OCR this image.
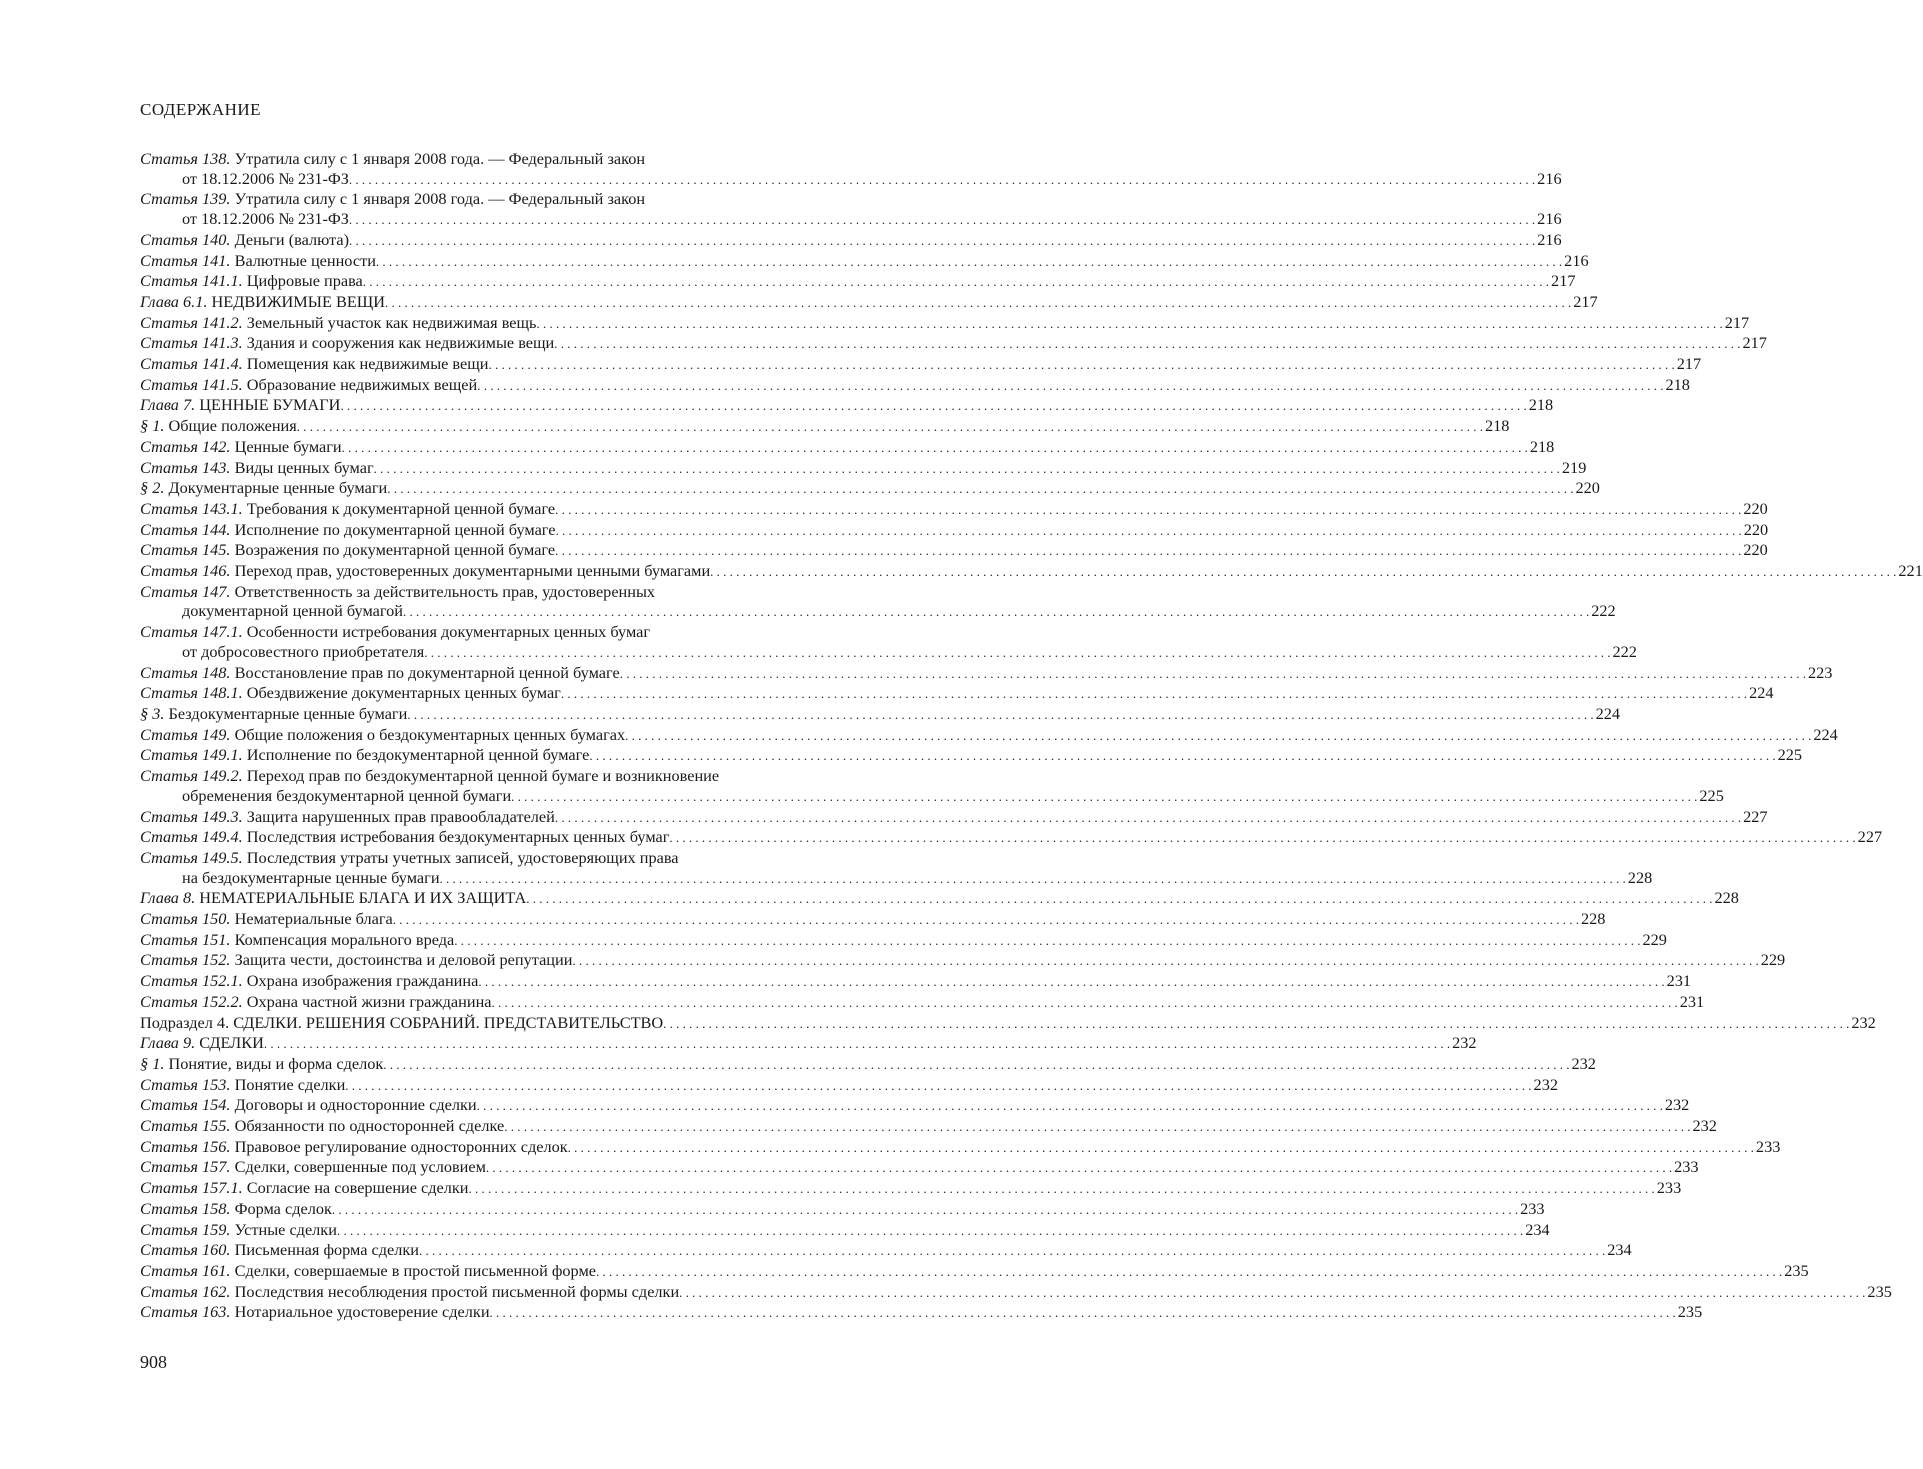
СОДЕРЖАНИЕ
Статья 138. Утратила силу с 1 января 2008 года. — Федеральный закон
от 18.12.2006 № 231-ФЗ . . .	216
Статья 139. Утратила силу с 1 января 2008 года. — Федеральный закон
от 18.12.2006 № 231-ФЗ . . .	216
Статья 140. Деньги (валюта) . . .	216
Статья 141. Валютные ценности . . .	216
Статья 141.1. Цифровые права . . .	217
Глава 6.1. НЕДВИЖИМЫЕ ВЕЩИ . . .	217
Статья 141.2. Земельный участок как недвижимая вещь . . .	217
Статья 141.3. Здания и сооружения как недвижимые вещи . . .	217
Статья 141.4. Помещения как недвижимые вещи . . .	217
Статья 141.5. Образование недвижимых вещей . . .	218
Глава 7. ЦЕННЫЕ БУМАГИ . . .	218
§ 1. Общие положения . . .	218
Статья 142. Ценные бумаги . . .	218
Статья 143. Виды ценных бумаг . . .	219
§ 2. Документарные ценные бумаги . . .	220
Статья 143.1. Требования к документарной ценной бумаге . . .	220
Статья 144. Исполнение по документарной ценной бумаге . . .	220
Статья 145. Возражения по документарной ценной бумаге . . .	220
Статья 146. Переход прав, удостоверенных документарными ценными бумагами . . .	221
Статья 147. Ответственность за действительность прав, удостоверенных
документарной ценной бумагой . . .	222
Статья 147.1. Особенности истребования документарных ценных бумаг
от добросовестного приобретателя . . .	222
Статья 148. Восстановление прав по документарной ценной бумаге . . .	223
Статья 148.1. Обездвижение документарных ценных бумаг . . .	224
§ 3. Бездокументарные ценные бумаги . . .	224
Статья 149. Общие положения о бездокументарных ценных бумагах . . .	224
Статья 149.1. Исполнение по бездокументарной ценной бумаге . . .	225
Статья 149.2. Переход прав по бездокументарной ценной бумаге и возникновение
обременения бездокументарной ценной бумаги . . .	225
Статья 149.3. Защита нарушенных прав правообладателей . . .	227
Статья 149.4. Последствия истребования бездокументарных ценных бумаг . . .	227
Статья 149.5. Последствия утраты учетных записей, удостоверяющих права
на бездокументарные ценные бумаги . . .	228
Глава 8. НЕМАТЕРИАЛЬНЫЕ БЛАГА И ИХ ЗАЩИТА . . .	228
Статья 150. Нематериальные блага . . .	228
Статья 151. Компенсация морального вреда . . .	229
Статья 152. Защита чести, достоинства и деловой репутации . . .	229
Статья 152.1. Охрана изображения гражданина . . .	231
Статья 152.2. Охрана частной жизни гражданина . . .	231
Подраздел 4. СДЕЛКИ. РЕШЕНИЯ СОБРАНИЙ. ПРЕДСТАВИТЕЛЬСТВО . . .	232
Глава 9. СДЕЛКИ . . .	232
§ 1. Понятие, виды и форма сделок . . .	232
Статья 153. Понятие сделки . . .	232
Статья 154. Договоры и односторонние сделки . . .	232
Статья 155. Обязанности по односторонней сделке . . .	232
Статья 156. Правовое регулирование односторонних сделок . . .	233
Статья 157. Сделки, совершенные под условием . . .	233
Статья 157.1. Согласие на совершение сделки . . .	233
Статья 158. Форма сделок . . .	233
Статья 159. Устные сделки . . .	234
Статья 160. Письменная форма сделки . . .	234
Статья 161. Сделки, совершаемые в простой письменной форме . . .	235
Статья 162. Последствия несоблюдения простой письменной формы сделки . . .	235
Статья 163. Нотариальное удостоверение сделки . . .	235
908
